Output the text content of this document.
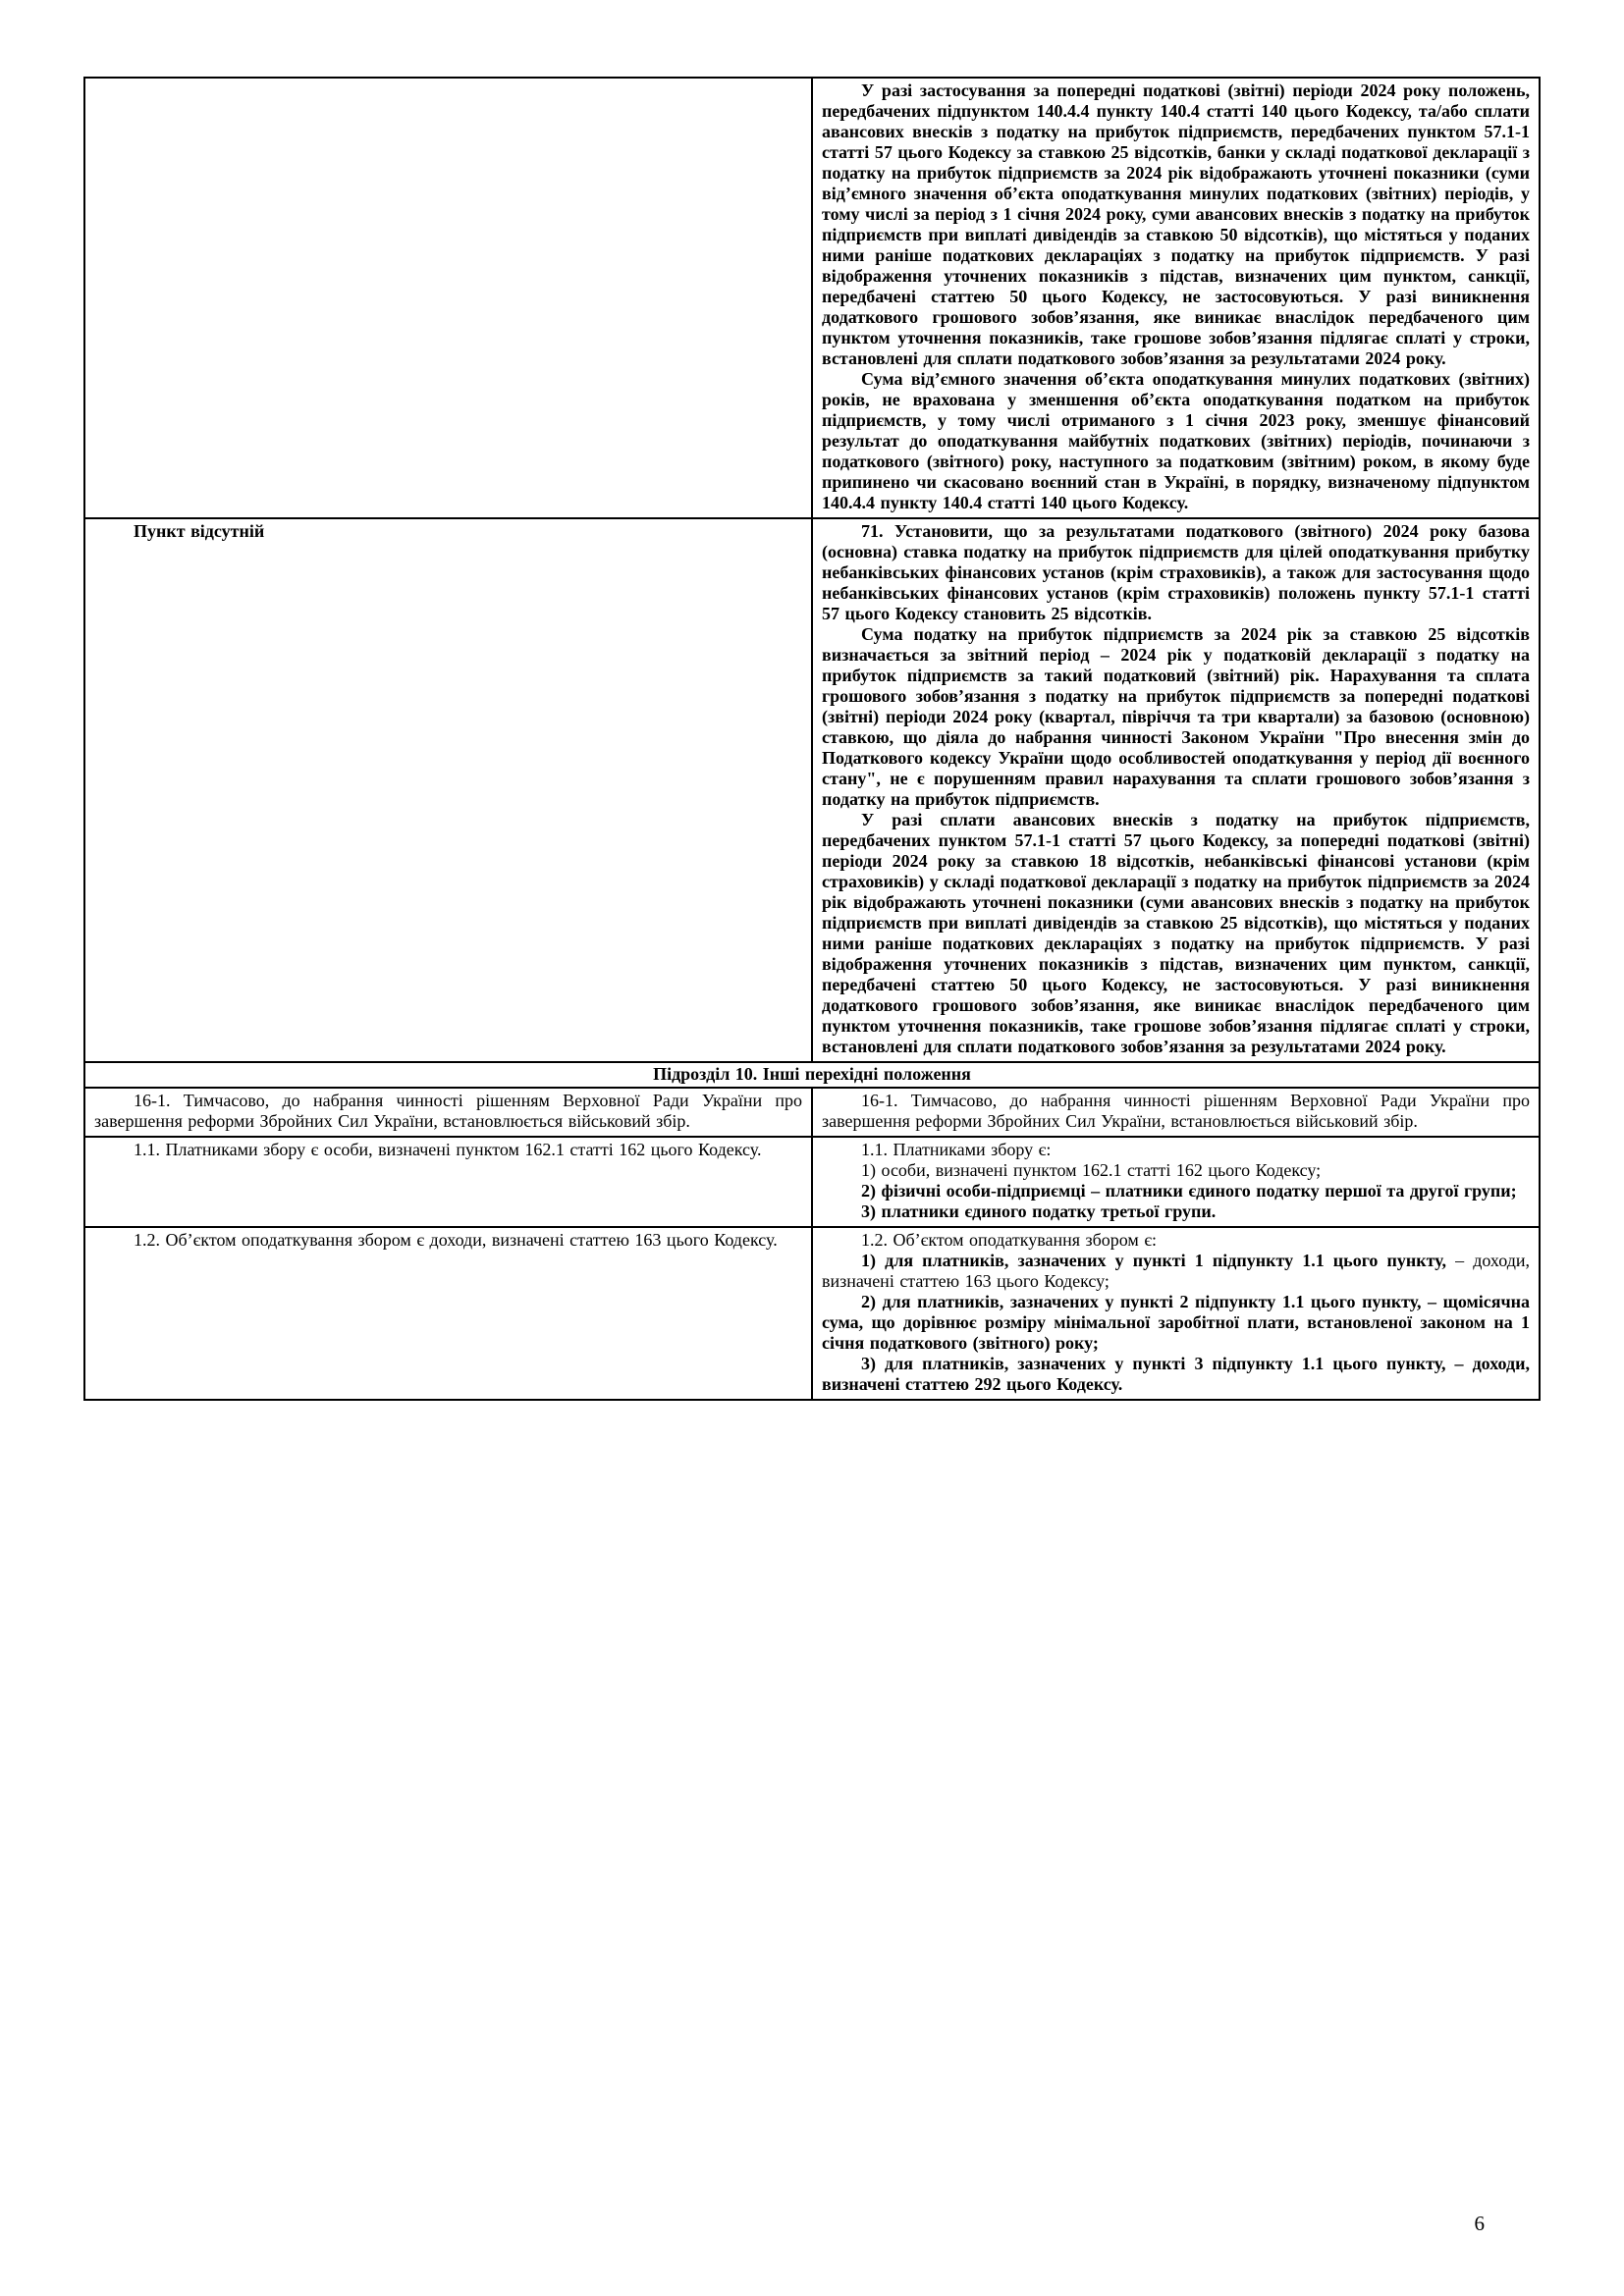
	У разі застосування за попередні податкові (звітні) періоди 2024 року положень, передбачених підпунктом 140.4.4 пункту 140.4 статті 140 цього Кодексу, та/або сплати авансових внесків з податку на прибуток підприємств, передбачених пунктом 57.1-1 статті 57 цього Кодексу за ставкою 25 відсотків, банки у складі податкової декларації з податку на прибуток підприємств за 2024 рік відображають уточнені показники (суми від’ємного значення об’єкта оподаткування минулих податкових (звітних) періодів, у тому числі за період з 1 січня 2024 року, суми авансових внесків з податку на прибуток підприємств при виплаті дивідендів за ставкою 50 відсотків), що містяться у поданих ними раніше податкових деклараціях з податку на прибуток підприємств. У разі відображення уточнених показників з підстав, визначених цим пунктом, санкції, передбачені статтею 50 цього Кодексу, не застосовуються. У разі виникнення додаткового грошового зобов’язання, яке виникає внаслідок передбаченого цим пунктом уточнення показників, таке грошове зобов’язання підлягає сплаті у строки, встановлені для сплати податкового зобов’язання за результатами 2024 року.

Сума від’ємного значення об’єкта оподаткування минулих податкових (звітних) років, не врахована у зменшення об’єкта оподаткування податком на прибуток підприємств, у тому числі отриманого з 1 січня 2023 року, зменшує фінансовий результат до оподаткування майбутніх податкових (звітних) періодів, починаючи з податкового (звітного) року, наступного за податковим (звітним) роком, в якому буде припинено чи скасовано воєнний стан в Україні, в порядку, визначеному підпунктом 140.4.4 пункту 140.4 статті 140 цього Кодексу.

Пункт відсутній	71. Установити, що за результатами податкового (звітного) 2024 року базова (основна) ставка податку на прибуток підприємств для цілей оподаткування прибутку небанківських фінансових установ (крім страховиків), а також для застосування щодо небанківських фінансових установ (крім страховиків) положень пункту 57.1-1 статті 57 цього Кодексу становить 25 відсотків.

Сума податку на прибуток підприємств за 2024 рік за ставкою 25 відсотків визначається за звітний період – 2024 рік у податковій декларації з податку на прибуток підприємств за такий податковий (звітний) рік. Нарахування та сплата грошового зобов’язання з податку на прибуток підприємств за попередні податкові (звітні) періоди 2024 року (квартал, півріччя та три квартали) за базовою (основною) ставкою, що діяла до набрання чинності Законом України "Про внесення змін до Податкового кодексу України щодо особливостей оподаткування у період дії воєнного стану", не є порушенням правил нарахування та сплати грошового зобов’язання з податку на прибуток підприємств.

У разі сплати авансових внесків з податку на прибуток підприємств, передбачених пунктом 57.1-1 статті 57 цього Кодексу, за попередні податкові (звітні) періоди 2024 року за ставкою 18 відсотків, небанківські фінансові установи (крім страховиків) у складі податкової декларації з податку на прибуток підприємств за 2024 рік відображають уточнені показники (суми авансових внесків з податку на прибуток підприємств при виплаті дивідендів за ставкою 25 відсотків), що містяться у поданих ними раніше податкових деклараціях з податку на прибуток підприємств. У разі відображення уточнених показників з підстав, визначених цим пунктом, санкції, передбачені статтею 50 цього Кодексу, не застосовуються. У разі виникнення додаткового грошового зобов’язання, яке виникає внаслідок передбаченого цим пунктом уточнення показників, таке грошове зобов’язання підлягає сплаті у строки, встановлені для сплати податкового зобов’язання за результатами 2024 року.

Підрозділ 10. Інші перехідні положення	

16-1. Тимчасово, до набрання чинності рішенням Верховної Ради України про завершення реформи Збройних Сил України, встановлюється військовий збір.	16-1. Тимчасово, до набрання чинності рішенням Верховної Ради України про завершення реформи Збройних Сил України, встановлюється військовий збір.

1.1. Платниками збору є особи, визначені пунктом 162.1 статті 162 цього Кодексу.	1.1. Платниками збору є:

1) особи, визначені пунктом 162.1 статті 162 цього Кодексу;

2) фізичні особи-підприємці – платники єдиного податку першої та другої групи;

3) платники єдиного податку третьої групи.

1.2. Об’єктом оподаткування збором є доходи, визначені статтею 163 цього Кодексу.	1.2. Об’єктом оподаткування збором є:

1) для платників, зазначених у пункті 1 підпункту 1.1 цього пункту, – доходи, визначені статтею 163 цього Кодексу;

2) для платників, зазначених у пункті 2 підпункту 1.1 цього пункту, – щомісячна сума, що дорівнює розміру мінімальної заробітної плати, встановленої законом на 1 січня податкового (звітного) року;

3) для платників, зазначених у пункті 3 підпункту 1.1 цього пункту, – доходи, визначені статтею 292 цього Кодексу.

6
